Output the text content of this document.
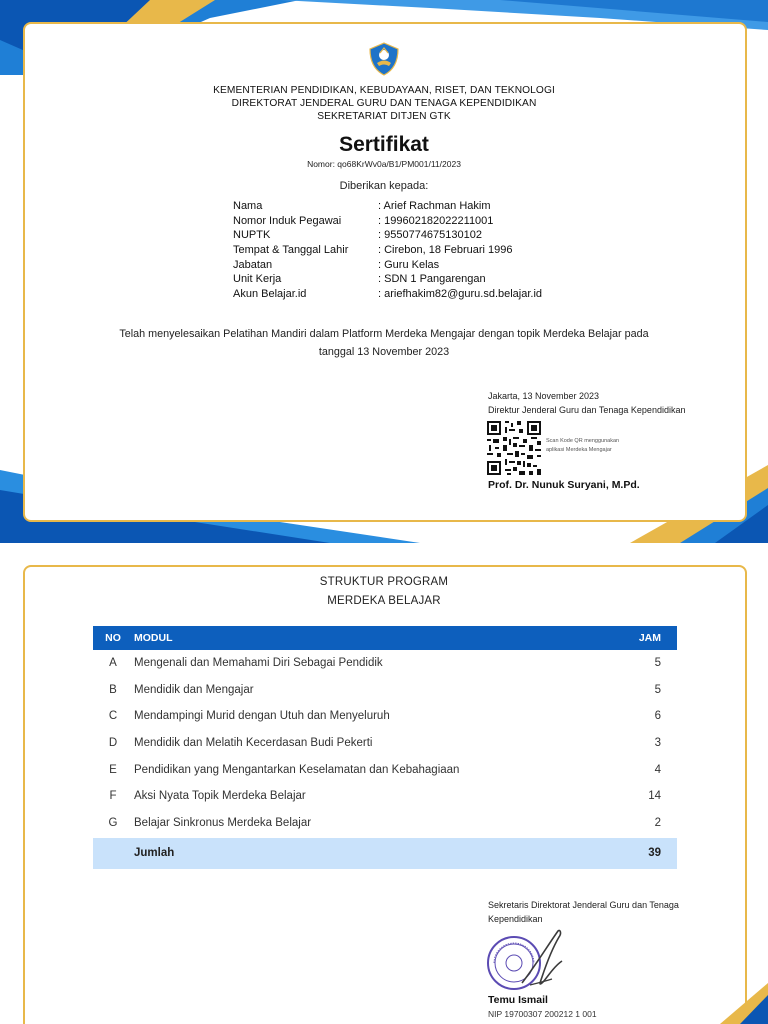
KEMENTERIAN PENDIDIKAN, KEBUDAYAAN, RISET, DAN TEKNOLOGI
DIREKTORAT JENDERAL GURU DAN TENAGA KEPENDIDIKAN
SEKRETARIAT DITJEN GTK
Sertifikat
Nomor: qo68KrWv0a/B1/PM001/11/2023
Diberikan kepada:
Nama	: Arief Rachman Hakim
Nomor Induk Pegawai	: 199602182022211001
NUPTK	: 9550774675130102
Tempat & Tanggal Lahir	: Cirebon, 18 Februari 1996
Jabatan	: Guru Kelas
Unit Kerja	: SDN 1 Pangarengan
Akun Belajar.id	: ariefhakim82@guru.sd.belajar.id
Telah menyelesaikan Pelatihan Mandiri dalam Platform Merdeka Mengajar dengan topik Merdeka Belajar pada
tanggal 13 November 2023
Jakarta, 13 November 2023
Direktur Jenderal Guru dan Tenaga Kependidikan
Scan Kode QR menggunakan
aplikasi Merdeka Mengajar
Prof. Dr. Nunuk Suryani, M.Pd.
STRUKTUR PROGRAM
MERDEKA BELAJAR
NO	MODUL	JAM
A	Mengenali dan Memahami Diri Sebagai Pendidik	5
B	Mendidik dan Mengajar	5
C	Mendampingi Murid dengan Utuh dan Menyeluruh	6
D	Mendidik dan Melatih Kecerdasan Budi Pekerti	3
E	Pendidikan yang Mengantarkan Keselamatan dan Kebahagiaan	4
F	Aksi Nyata Topik Merdeka Belajar	14
G	Belajar Sinkronus Merdeka Belajar	2
Jumlah	39
Sekretaris Direktorat Jenderal Guru dan Tenaga Kependidikan
Temu Ismail
NIP 19700307 200212 1 001
